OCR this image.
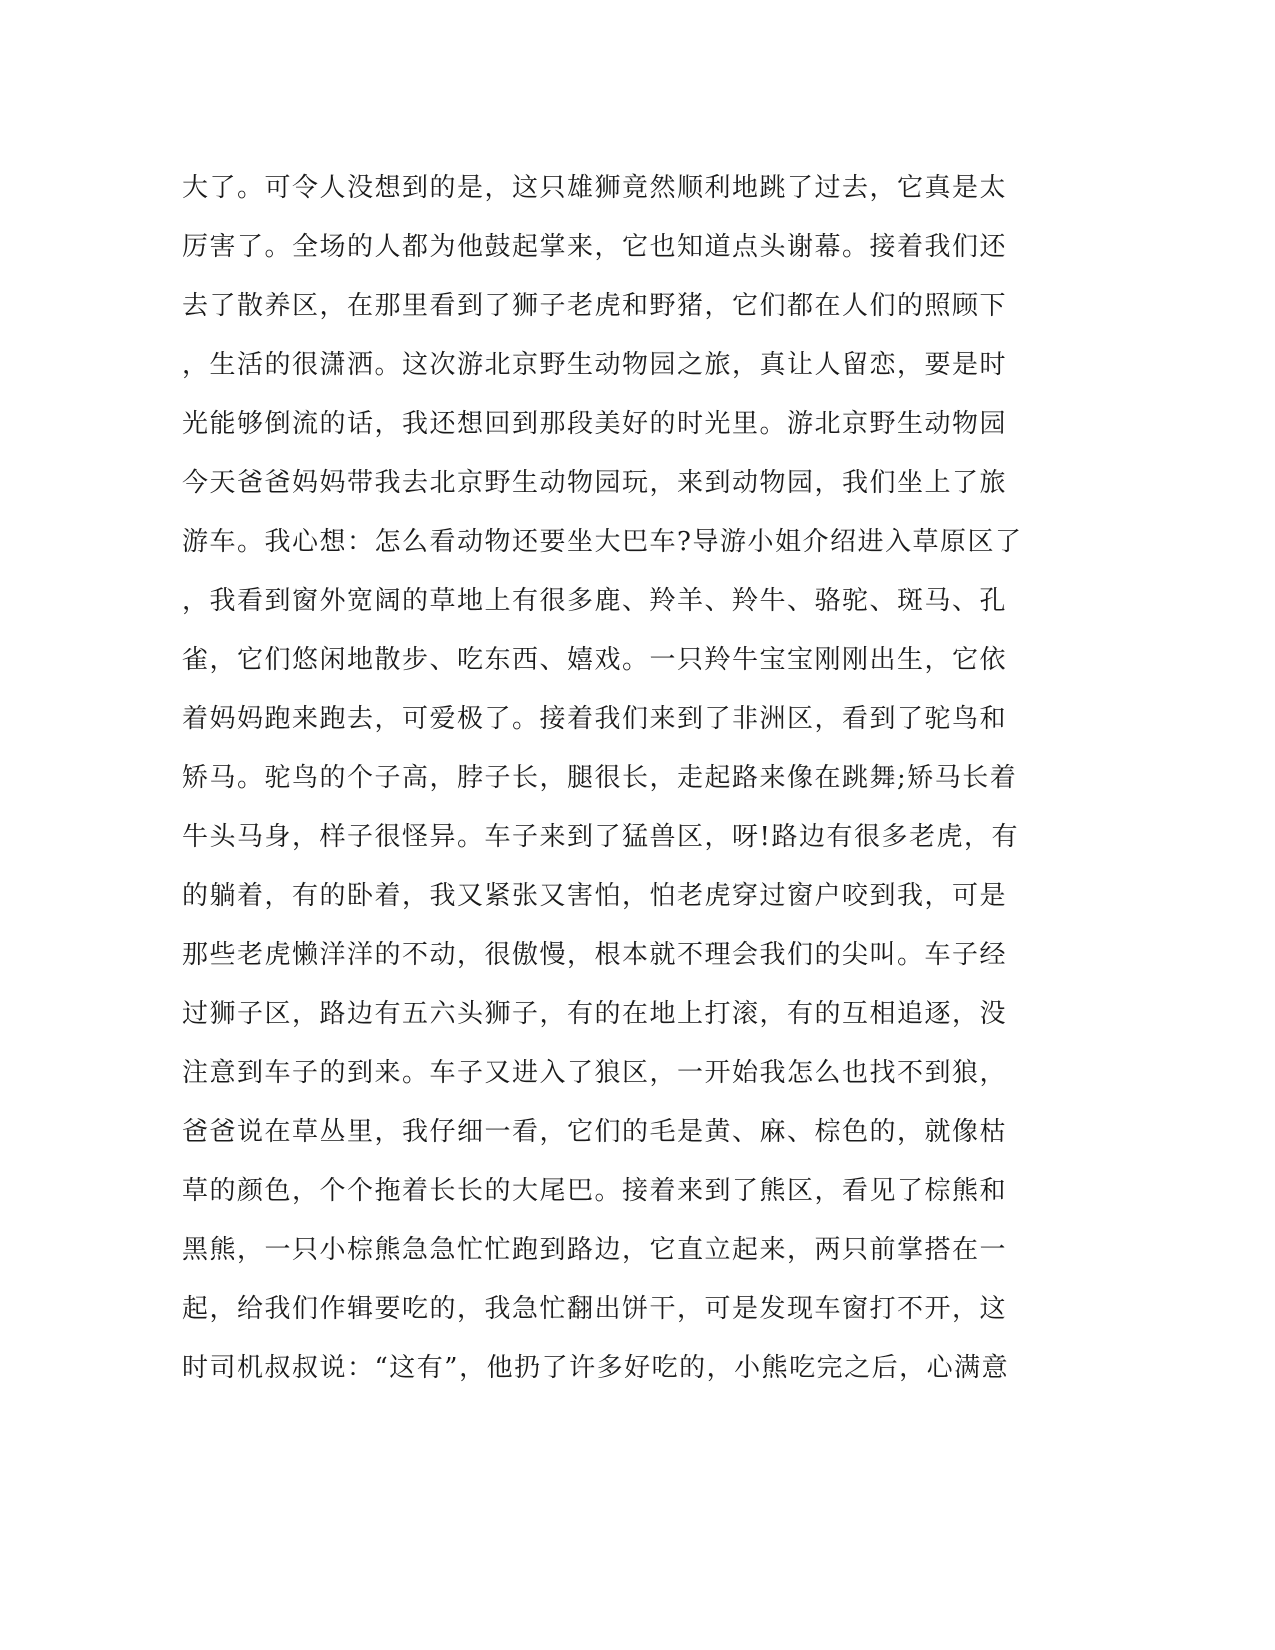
大了。可令人没想到的是，这只雄狮竟然顺利地跳了过去，它真是太
厉害了。全场的人都为他鼓起掌来，它也知道点头谢幕。接着我们还
去了散养区，在那里看到了狮子老虎和野猪，它们都在人们的照顾下
，生活的很潇洒。这次游北京野生动物园之旅，真让人留恋，要是时
光能够倒流的话，我还想回到那段美好的时光里。游北京野生动物园
今天爸爸妈妈带我去北京野生动物园玩，来到动物园，我们坐上了旅
游车。我心想：怎么看动物还要坐大巴车?导游小姐介绍进入草原区了
，我看到窗外宽阔的草地上有很多鹿、羚羊、羚牛、骆驼、斑马、孔
雀，它们悠闲地散步、吃东西、嬉戏。一只羚牛宝宝刚刚出生，它依
着妈妈跑来跑去，可爱极了。接着我们来到了非洲区，看到了驼鸟和
矫马。驼鸟的个子高，脖子长，腿很长，走起路来像在跳舞;矫马长着
牛头马身，样子很怪异。车子来到了猛兽区，呀!路边有很多老虎，有
的躺着，有的卧着，我又紧张又害怕，怕老虎穿过窗户咬到我，可是
那些老虎懒洋洋的不动，很傲慢，根本就不理会我们的尖叫。车子经
过狮子区，路边有五六头狮子，有的在地上打滚，有的互相追逐，没
注意到车子的到来。车子又进入了狼区，一开始我怎么也找不到狼，
爸爸说在草丛里，我仔细一看，它们的毛是黄、麻、棕色的，就像枯
草的颜色，个个拖着长长的大尾巴。接着来到了熊区，看见了棕熊和
黑熊，一只小棕熊急急忙忙跑到路边，它直立起来，两只前掌搭在一
起，给我们作辑要吃的，我急忙翻出饼干，可是发现车窗打不开，这
时司机叔叔说：“这有”，他扔了许多好吃的，小熊吃完之后，心满意
